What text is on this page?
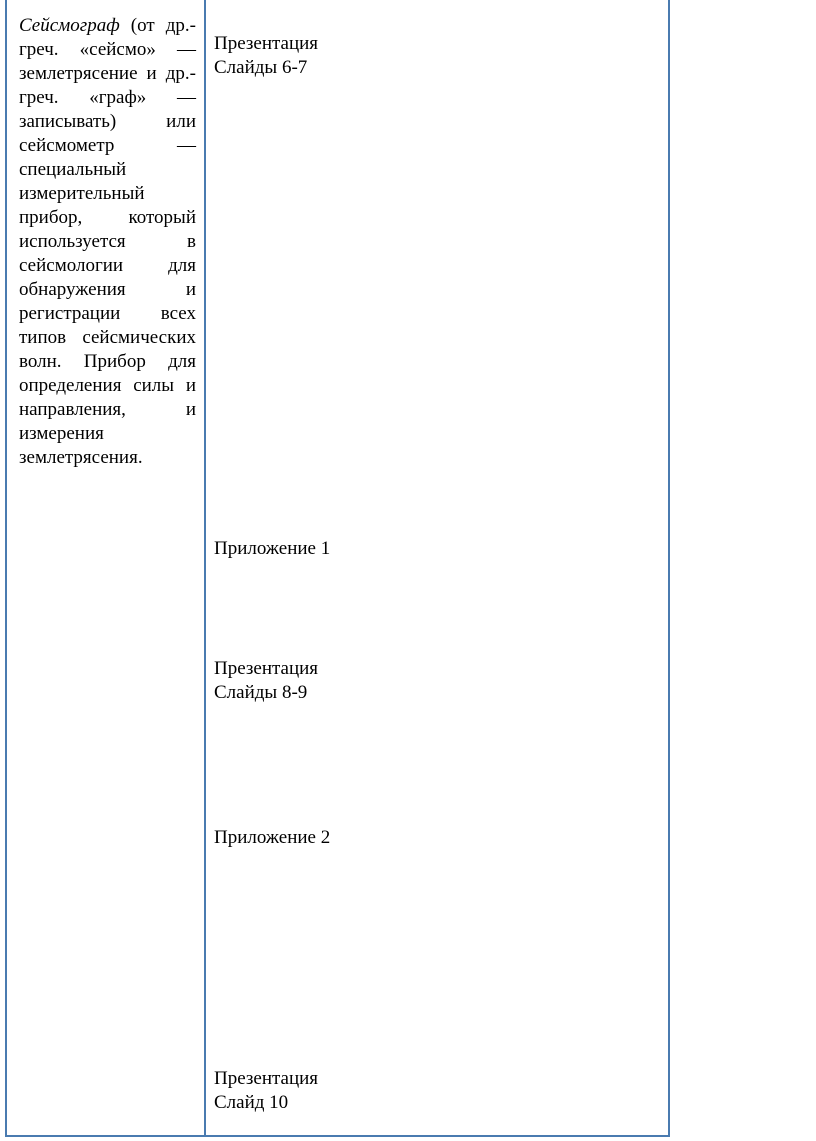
Сейсмограф (от др.-греч. «сейсмо» —землетрясение и др.-греч. «граф» — записывать) или сейсмометр — специальный измерительный прибор, который используется в сейсмологии для обнаружения и регистрации всех типов сейсмических волн. Прибор для определения силы и направления, и измерения землетрясения.
Презентация
Слайды 6-7
Приложение 1
Презентация
Слайды 8-9
Приложение 2
Презентация
Слайд 10
